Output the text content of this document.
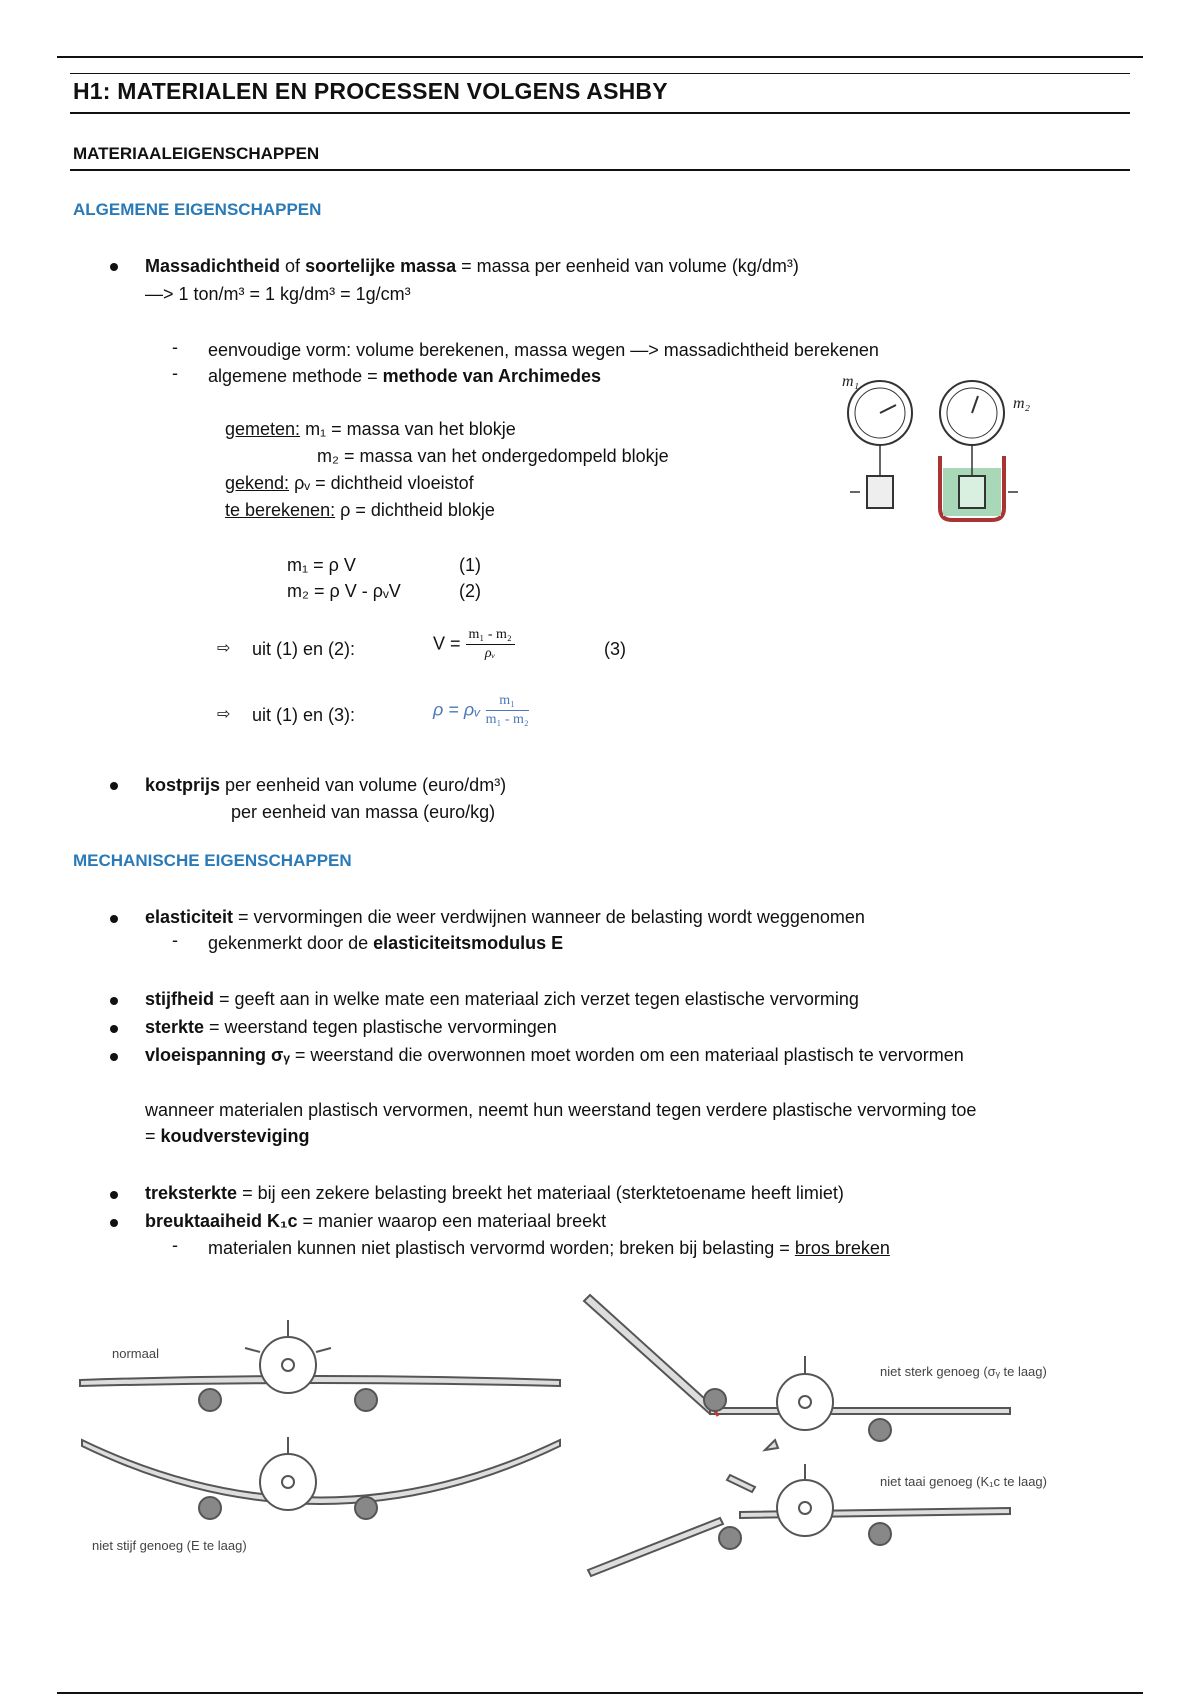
H1: MATERIALEN EN PROCESSEN VOLGENS ASHBY
MATERIAALEIGENSCHAPPEN
ALGEMENE EIGENSCHAPPEN
Massadichtheid of soortelijke massa = massa per eenheid van volume (kg/dm³)
—> 1 ton/m³ = 1 kg/dm³ = 1g/cm³
- eenvoudige vorm: volume berekenen, massa wegen —> massadichtheid berekenen
- algemene methode = methode van Archimedes
gemeten: m₁ = massa van het blokje
m₂ = massa van het ondergedompeld blokje
gekend: ρᵥ = dichtheid vloeistof
te berekenen: ρ = dichtheid blokje
m₁ = ρ V	(1)
m₂ = ρ V - ρᵥV	(2)
⇨ uit (1) en (2):	$V = \frac{\text{m₁ - m₂}}{\text{ρᵥ}}$	(3)
⇨ uit (1) en (3):	ρ = ρᵥ $\frac{\text{m₁}}{\text{m₁ - m₂}}$
m₁
m₂
kostprijs per eenheid van volume (euro/dm³)
per eenheid van massa (euro/kg)
MECHANISCHE EIGENSCHAPPEN
elasticiteit = vervormingen die weer verdwijnen wanneer de belasting wordt weggenomen
- gekenmerkt door de elasticiteitsmodulus E
stijfheid = geeft aan in welke mate een materiaal zich verzet tegen elastische vervorming
sterkte = weerstand tegen plastische vervormingen
vloeispanning σᵧ = weerstand die overwonnen moet worden om een materiaal plastisch te vervormen
wanneer materialen plastisch vervormen, neemt hun weerstand tegen verdere plastische vervorming toe
= koudversteviging
treksterkte = bij een zekere belasting breekt het materiaal (sterktetoename heeft limiet)
breuktaaiheid K₁c = manier waarop een materiaal breekt
- materialen kunnen niet plastisch vervormd worden; breken bij belasting = bros breken
normaal
niet stijf genoeg (E te laag)
niet sterk genoeg (σᵧ te laag)
niet taai genoeg (K₁c te laag)
